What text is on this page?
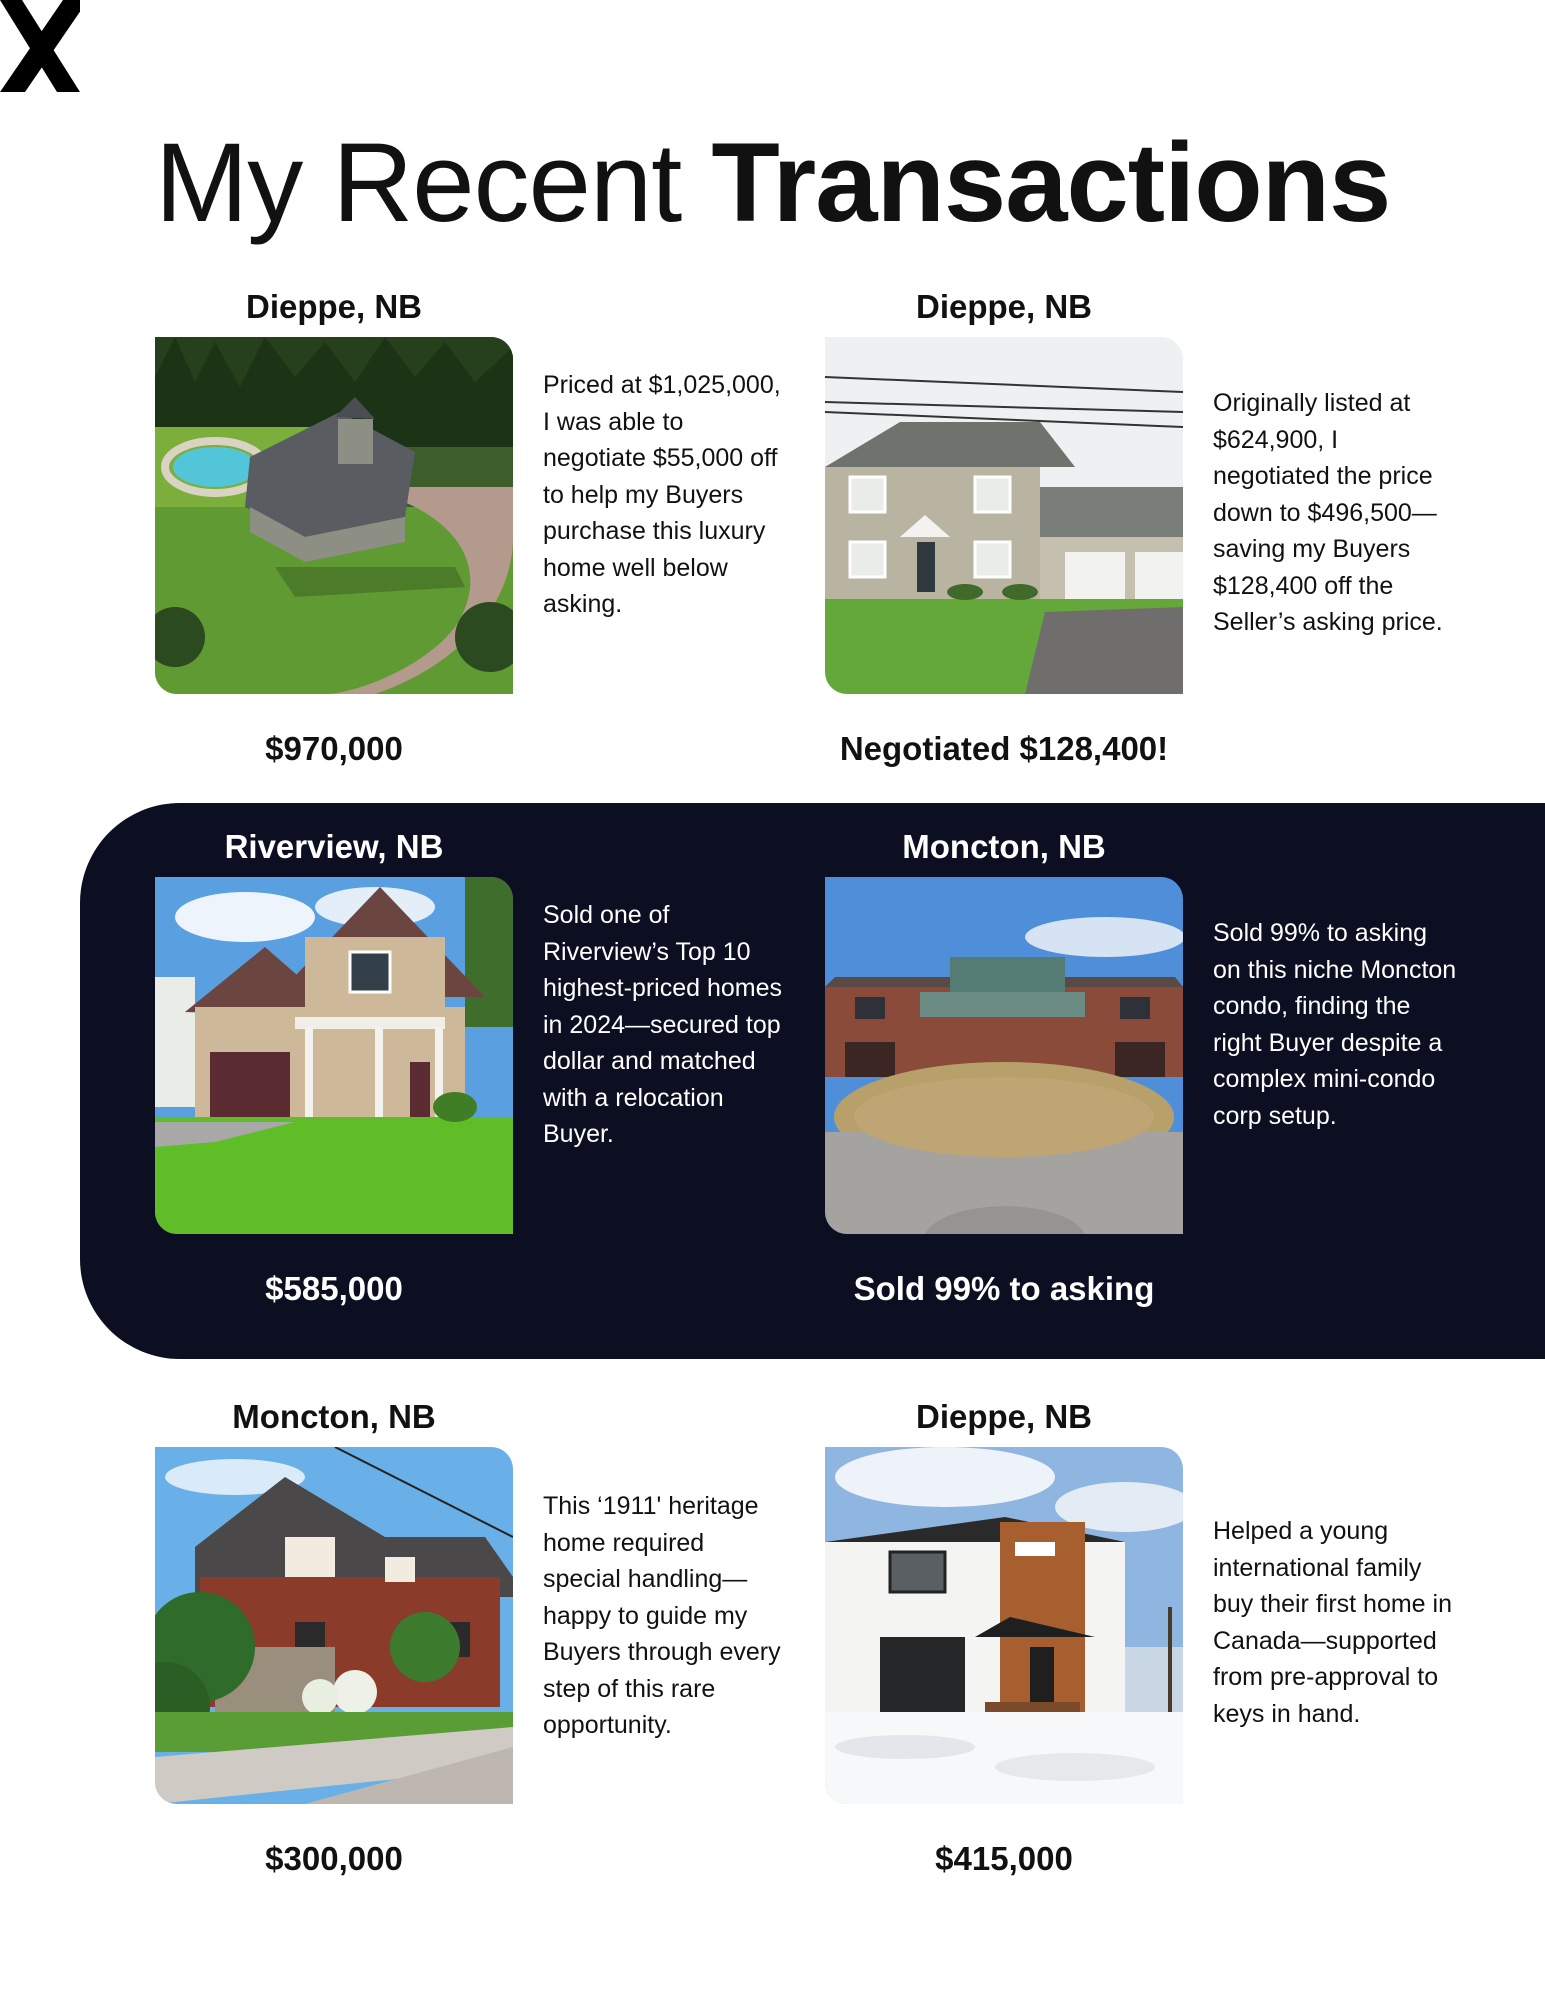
My Recent Transactions
Dieppe, NB
Priced at $1,025,000, I was able to negotiate $55,000 off to help my Buyers purchase this luxury home well below asking.
$970,000
Dieppe, NB
Originally listed at $624,900, I negotiated the price down to $496,500—saving my Buyers $128,400 off the Seller’s asking price.
Negotiated $128,400!
Riverview, NB
Sold one of Riverview’s Top 10 highest-priced homes in 2024—secured top dollar and matched with a relocation Buyer.
$585,000
Moncton, NB
Sold 99% to asking on this niche Moncton condo, finding the right Buyer despite a complex mini-condo corp setup.
Sold 99% to asking
Moncton, NB
This ‘1911' heritage home required special handling—happy to guide my Buyers through every step of this rare opportunity.
$300,000
Dieppe, NB
Helped a young international family buy their first home in Canada—supported from pre-approval to keys in hand.
$415,000
